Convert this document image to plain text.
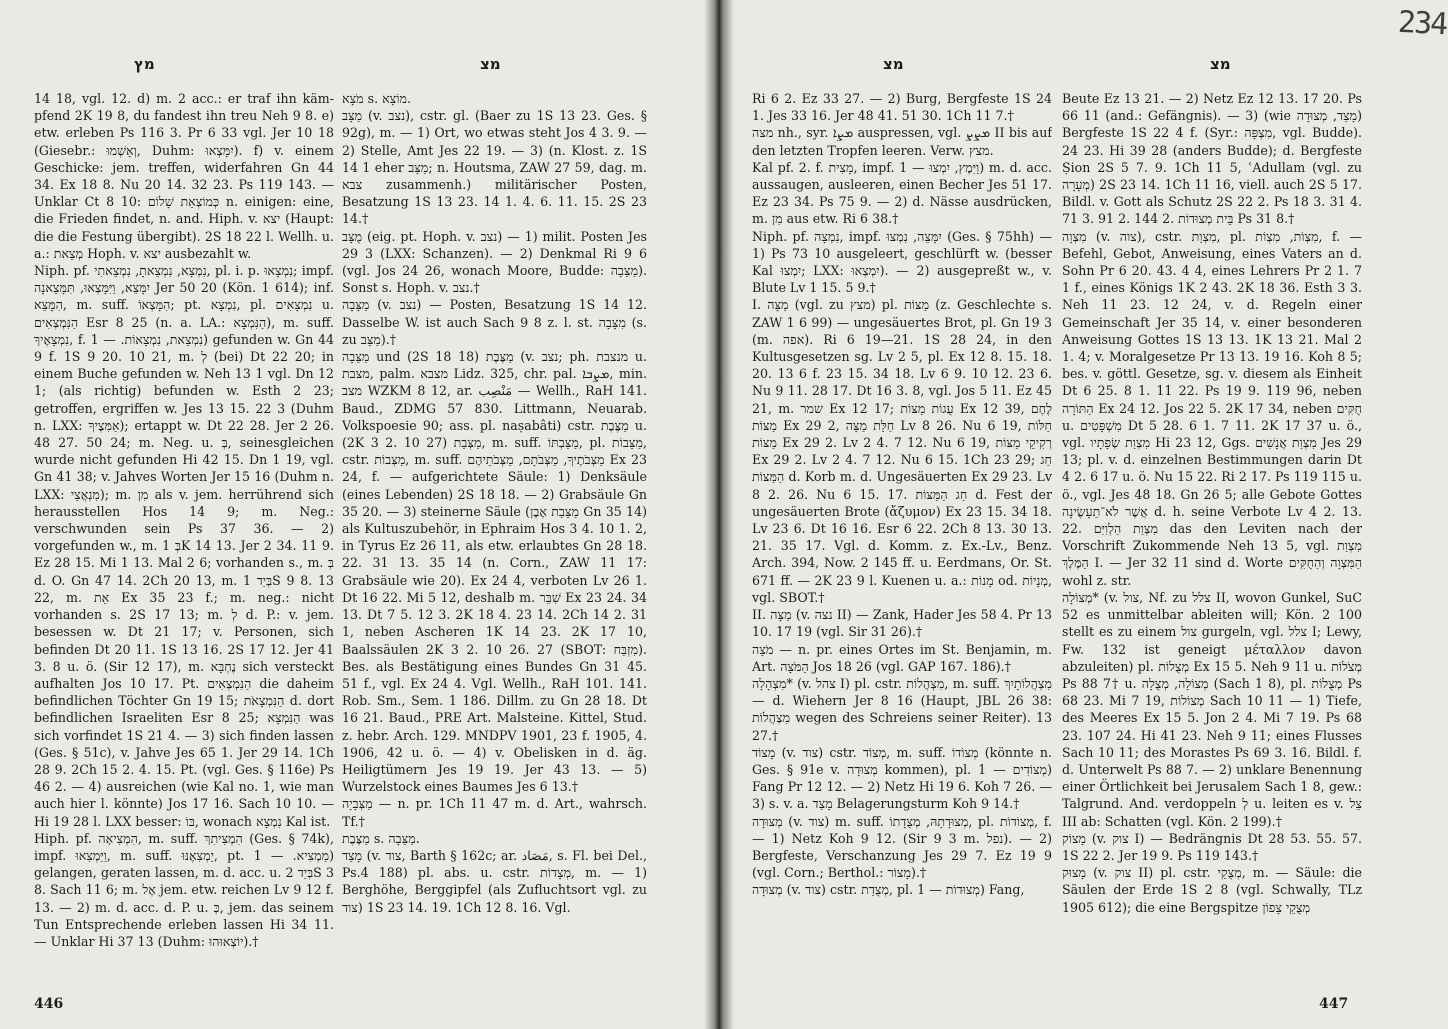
מץ	מצ

14 18, vgl. 12. d) m. 2 acc.: er traf ihn käm-pfend 2K 19 8, du fandest ihn treu Neh 9 8. e) etw. erleben Ps 116 3. Pr 6 33 vgl. Jer 10 18 (Giesebr.: וְאָשְׁמוּ, Duhm: יִמָּצְאוּ). f) v. einem Geschicke: jem. treffen, widerfahren Gn 44 34. Ex 18 8. Nu 20 14. 32 23. Ps 119 143. — Unklar Ct 8 10: כְּמוֹצְאֵת שָׁלוֹם n. einigen: eine, die Frieden findet, n. and. Hiph. v. יצא (Haupt: die die Festung übergibt). 2S 18 22 l. Wellh. u. a.: מְצֵאת Hoph. v. יצא ausbezahlt w.

Niph. pf. נִמְצָא, נִמְצֵאתָ, נִמְצֵאתִי, pl. i. p. נִמְצָאוּ; impf. יִמָּצֵא, וַיִּמָּצְאוּ, תִּמָּצֵאנָה Jer 50 20 (Kön. 1 614); inf. הִמָּצֵא, m. suff. הִמָּצְאוֹ; pt. נִמְצָא, pl. נִמְצָאִים u. הַנִּמְצְאִים Esr 8 25 (n. a. LA.: הַנִּמְצָא), m. suff. נִמְצָאֶיךָ, f. נִמְצֵאת, נִמְצָאוֹת. — 1) gefunden w. Gn 44 9 f. 1S 9 20. 10 21, m. לְ (bei) Dt 22 20; in einem Buche gefunden w. Neh 13 1 vgl. Dn 12 1; (als richtig) befunden w. Esth 2 23; getroffen, ergriffen w. Jes 13 15. 22 3 (Duhm n. LXX: אַמִּצֶיךָ); ertappt w. Dt 22 28. Jer 2 26. 48 27. 50 24; m. Neg. u. בְּ, seinesgleichen wurde nicht gefunden Hi 42 15. Dn 1 19, vgl. Gn 41 38; v. Jahves Worten Jer 15 16 (Duhm n. LXX: מִנְאֲצַי); m. מִן als v. jem. herrührend sich herausstellen Hos 14 9; m. Neg.: verschwunden sein Ps 37 36. — 2) vorgefunden w., m. בְּ 1K 14 13. Jer 2 34. 11 9. Ez 28 15. Mi 1 13. Mal 2 6; vorhanden s., m. בְּ d. O. Gn 47 14. 2Ch 20 13, m. בְּיַד 1S 9 8. 13 22, m. אֵת Ex 35 23 f.; m. neg.: nicht vorhanden s. 2S 17 13; m. לְ d. P.: v. jem. besessen w. Dt 21 17; v. Personen, sich befinden Dt 20 11. 1S 13 16. 2S 17 12. Jer 41 3. 8 u. ö. (Sir 12 17), m. נֶחְבָּא sich versteckt aufhalten Jos 10 17. Pt. הַנִּמְצְאִים die daheim befindlichen Töchter Gn 19 15; הַנִּמְצָאֹת d. dort befindlichen Israeliten Esr 8 25; הַנִּמְצָא was sich vorfindet 1S 21 4. — 3) sich finden lassen (Ges. § 51c), v. Jahve Jes 65 1. Jer 29 14. 1Ch 28 9. 2Ch 15 2. 4. 15. Pt. (vgl. Ges. § 116e) Ps 46 2. — 4) ausreichen (wie Kal no. 1, wie man auch hier l. könnte) Jos 17 16. Sach 10 10. — Hi 19 28 l. LXX besser: בּוֹ, wonach נִמְצָא Kal ist.

Hiph. pf. הִמְצִיאָה, m. suff. הִמְצִיתִךְ (Ges. § 74k), impf. וַיַּמְצִאוּ, m. suff. יַמְצִאֶנּוּ, pt. מַמְצִיא. — 1) gelangen, geraten lassen, m. d. acc. u. בְּיַד 2S 3 8. Sach 11 6; m. אֶל jem. etw. reichen Lv 9 12 f. 13. — 2) m. d. acc. d. P. u. כְּ, jem. das seinem Tun Entsprechende erleben lassen Hi 34 11. — Unklar Hi 37 13 (Duhm: יוֹצְאוּהוּ).†

מֹצָא s. מוֹצָא.

מַצָּב (v. נצב), cstr. gl. (Baer zu 1S 13 23. Ges. § 92g), m. — 1) Ort, wo etwas steht Jos 4 3. 9. — 2) Stelle, Amt Jes 22 19. — 3) (n. Klost. z. 1S 14 1 eher מַצָּב; n. Houtsma, ZAW 27 59, dag. m. צבא zusammenh.) militärischer Posten, Besatzung 1S 13 23. 14 1. 4. 6. 11. 15. 2S 23 14.†

מֻצָּב (eig. pt. Hoph. v. נצב) — 1) milit. Posten Jes 29 3 (LXX: Schanzen). — 2) Denkmal Ri 9 6 (vgl. Jos 24 26, wonach Moore, Budde: מַצֵּבָה). Sonst s. Hoph. v. נצב.†

מַצָּבָה (v. נצב) — Posten, Besatzung 1S 14 12. Dasselbe W. ist auch Sach 9 8 z. l. st. מִצָּבָה (s. zu מַצָּב).†

מַצֵּבָה und (2S 18 18) מַצֶּבֶת (v. נצב; ph. מנצבת u. מצבת, palm. מצבא Lidz. 325, chr. pal. ܡܨܒܐ, min. מצב WZKM 8 12, ar. مَنْصِب — Wellh., RaH 141. Baud., ZDMG 57 830. Littmann, Neuarab. Volkspoesie 90; ass. pl. naṣabâti) cstr. מַצֶּבֶת u. (2K 3 2. 10 27) מַצְּבַת, m. suff. מַצַּבְתּוֹ, pl. מַצֵּבוֹת, cstr. מַצְּבוֹת, m. suff. מַצְּבֹתֶיךָ, מַצְּבֹתָם, מַצְּבֹתֵיהֶם Ex 23 24, f. — aufgerichtete Säule: 1) Denksäule (eines Lebenden) 2S 18 18. — 2) Grabsäule Gn 35 20. — 3) steinerne Säule (מַצֵּבַת אֶבֶן Gn 35 14) als Kultuszubehör, in Ephraim Hos 3 4. 10 1. 2, in Tyrus Ez 26 11, als etw. erlaubtes Gn 28 18. 22. 31 13. 35 14 (n. Corn., ZAW 11 17: Grabsäule wie 20). Ex 24 4, verboten Lv 26 1. Dt 16 22. Mi 5 12, deshalb m. שִׁבֵּר Ex 23 24. 34 13. Dt 7 5. 12 3. 2K 18 4. 23 14. 2Ch 14 2. 31 1, neben Ascheren 1K 14 23. 2K 17 10, Baalssäulen 2K 3 2. 10 26. 27 (SBOT: מִזְבַּח). Bes. als Bestätigung eines Bundes Gn 31 45. 51 f., vgl. Ex 24 4. Vgl. Wellh., RaH 101. 141. Rob. Sm., Sem. 1 186. Dillm. zu Gn 28 18. Dt 16 21. Baud., PRE Art. Malsteine. Kittel, Stud. z. hebr. Arch. 129. MNDPV 1901, 23 f. 1905, 4. 1906, 42 u. ö. — 4) v. Obelisken in d. äg. Heiligtümern Jes 19 19. Jer 43 13. — 5) Wurzelstock eines Baumes Jes 6 13.†

מַצְּבָיָה — n. pr. 1Ch 11 47 m. d. Art., wahrsch. Tf.†

מַצֶּבֶת s. מַצֵּבָה.

מָצַד (v. צוד, Barth § 162c; ar. مَصَاد, s. Fl. bei Del., Ps.4 188) pl. abs. u. cstr. מְצָדוֹת, m. — 1) Berghöhe, Berggipfel (als Zufluchtsort vgl. zu צוד) 1S 23 14. 19. 1Ch 12 8. 16. Vgl.

446
מצ	מצ

Ri 6 2. Ez 33 27. — 2) Burg, Bergfeste 1S 24 1. Jes 33 16. Jer 48 41. 51 30. 1Ch 11 7.†

מצה nh., syr. ܡܨܐ auspressen, vgl. ܡܨܨ II bis auf den letzten Tropfen leeren. Verw. מצץ.

Kal pf. 2. f. מָצִית, impf. וַיִּמֶץ, יִמְצוּ — 1) m. d. acc. aussaugen, ausleeren, einen Becher Jes 51 17. Ez 23 34. Ps 75 9. — 2) d. Nässe ausdrücken, m. מִן aus etw. Ri 6 38.†

Niph. pf. נִמְצָה, impf. יִמָּצֵה, נִמְצוּ (Ges. § 75hh) — 1) Ps 73 10 ausgeleert, geschlürft w. (besser Kal יִמְצוּ; LXX: יִמְצְאוּ). — 2) ausgepreßt w., v. Blute Lv 1 15. 5 9.†

I. מַצָּה (vgl. zu מצץ) pl. מַצּוֹת (z. Geschlechte s. ZAW 1 6 99) — ungesäuertes Brot, pl. Gn 19 3 (m. אפה). Ri 6 19—21. 1S 28 24, in den Kultusgesetzen sg. Lv 2 5, pl. Ex 12 8. 15. 18. 20. 13 6 f. 23 15. 34 18. Lv 6 9. 10 12. 23 6. Nu 9 11. 28 17. Dt 16 3. 8, vgl. Jos 5 11. Ez 45 21, m. שמר Ex 12 17; עֻגוֹת מַצּוֹת Ex 12 39, לֶחֶם מַצּוֹת Ex 29 2, חַלַּת מַצָּה Lv 8 26. Nu 6 19, חַלּוֹת מַצּוֹת Ex 29 2. Lv 2 4. 7 12. Nu 6 19, רְקִיקֵי מַצּוֹת Ex 29 2. Lv 2 4. 7 12. Nu 6 15. 1Ch 23 29; חַג הַמַּצּוֹת d. Korb m. d. Ungesäuerten Ex 29 23. Lv 8 2. 26. Nu 6 15. 17. חַג הַמַּצּוֹת d. Fest der ungesäuerten Brote (ἄζυμον) Ex 23 15. 34 18. Lv 23 6. Dt 16 16. Esr 6 22. 2Ch 8 13. 30 13. 21. 35 17. Vgl. d. Komm. z. Ex.-Lv., Benz. Arch. 394, Now. 2 145 ff. u. Eerdmans, Or. St. 671 ff. — 2K 23 9 l. Kuenen u. a.: מָנוֹת od. מְנָיוֹת, vgl. SBOT.†

II. מַצָּה (v. נצה II) — Zank, Hader Jes 58 4. Pr 13 10. 17 19 (vgl. Sir 31 26).†

מֹצָה — n. pr. eines Ortes im St. Benjamin, m. Art. הַמֹּצָה Jos 18 26 (vgl. GAP 167. 186).†

מִצְהָלָה* (v. צהל I) pl. cstr. מִצְהֲלוֹת, m. suff. מִצְהֲלוֹתָיִךְ — d. Wiehern Jer 8 16 (Haupt, JBL 26 38: מִצְהֲלוֹת wegen des Schreiens seiner Reiter). 13 27.†

מָצוֹד (v. צוד) cstr. מְצוֹד, m. suff. מְצוֹדוֹ (könnte n. Ges. § 91e v. מְצוּדָה kommen), pl. מְצוֹדִים — 1) Fang Pr 12 12. — 2) Netz Hi 19 6. Koh 7 26. — 3) s. v. a. מָצַד Belagerungsturm Koh 9 14.†

מְצוּדָה (v. צוד) m. suff. מְצוּדָתָהּ, מְצֻדָתוֹ, pl. מְצוֹדוֹת, f. — 1) Netz Koh 9 12. (Sir 9 3 m. נפל). — 2) Bergfeste, Verschanzung Jes 29 7. Ez 19 9 (vgl. Corn.; Berthol.: מָצוֹר).†

מְצוּדָה (v. צוד) cstr. מְצֻדַת, pl. מְצוּדוֹת — 1) Fang,

Beute Ez 13 21. — 2) Netz Ez 12 13. 17 20. Ps 66 11 (and.: Gefängnis). — 3) (wie מָצַד, מְצוּדָה) Bergfeste 1S 22 4 f. (Syr.: מִצְפָּה, vgl. Budde). 24 23. Hi 39 28 (anders Budde); d. Bergfeste Ṣion 2S 5 7. 9. 1Ch 11 5, ʿAdullam (vgl. zu מְעָרָה) 2S 23 14. 1Ch 11 16, viell. auch 2S 5 17. Bildl. v. Gott als Schutz 2S 22 2. Ps 18 3. 31 4. 71 3. 91 2. 144 2. בֵּית מְצוּדוֹת Ps 31 8.†

מִצְוָה (v. צוה), cstr. מִצְוַת, pl. מִצְוֹת, מִצְוֹת, f. — Befehl, Gebot, Anweisung, eines Vaters an d. Sohn Pr 6 20. 43. 4 4, eines Lehrers Pr 2 1. 7 1 f., eines Königs 1K 2 43. 2K 18 36. Esth 3 3. Neh 11 23. 12 24, v. d. Regeln einer Gemeinschaft Jer 35 14, v. einer besonderen Anweisung Gottes 1S 13 13. 1K 13 21. Mal 2 1. 4; v. Moralgesetze Pr 13 13. 19 16. Koh 8 5; bes. v. göttl. Gesetze, sg. v. diesem als Einheit Dt 6 25. 8 1. 11 22. Ps 19 9. 119 96, neben הַתּוֹרָה Ex 24 12. Jos 22 5. 2K 17 34, neben חֻקִּים u. מִשְׁפָּטִים Dt 5 28. 6 1. 7 11. 2K 17 37 u. ö., vgl. מִצְוַת שְׂפָתָיו Hi 23 12, Ggs. מִצְוַת אֲנָשִׁים Jes 29 13; pl. v. d. einzelnen Bestimmungen darin Dt 4 2. 6 17 u. ö. Nu 15 22. Ri 2 17. Ps 119 115 u. ö., vgl. Jes 48 18. Gn 26 5; alle Gebote Gottes אֲשֶׁר לֹא־תֵעָשֶׂינָה d. h. seine Verbote Lv 4 2. 13. 22. מִצְוַת הַלְוִיִּם das den Leviten nach der Vorschrift Zukommende Neh 13 5, vgl. מִצְוַת הַמֶּלֶךְ I. — Jer 32 11 sind d. Worte הַמִּצְוָה וְהַחֻקִּים wohl z. str.

מְצוֹלָה* (v. צול, Nf. zu צלל II, wovon Gunkel, SuC 52 es unmittelbar ableiten will; Kön. 2 100 stellt es zu einem צול gurgeln, vgl. צלל I; Lewy, Fw. 132 ist geneigt μέταλλον davon abzuleiten) pl. מְצֻלוֹת Ex 15 5. Neh 9 11 u. מְצֹלוֹת Ps 88 7† u. מְצוֹלָה, מְצֻלָה (Sach 1 8), pl. מְצֻלוֹת Ps 68 23. Mi 7 19, מְצוֹלוֹת Sach 10 11 — 1) Tiefe, des Meeres Ex 15 5. Jon 2 4. Mi 7 19. Ps 68 23. 107 24. Hi 41 23. Neh 9 11; eines Flusses Sach 10 11; des Morastes Ps 69 3. 16. Bildl. f. d. Unterwelt Ps 88 7. — 2) unklare Benennung einer Örtlichkeit bei Jerusalem Sach 1 8, gew.: Talgrund. And. verdoppeln לְ u. leiten es v. צֵל III ab: Schatten (vgl. Kön. 2 199).†

מָצוֹק (v. צוק I) — Bedrängnis Dt 28 53. 55. 57. 1S 22 2. Jer 19 9. Ps 119 143.†

מָצוּק (v. צוק II) pl. cstr. מְצֻקֵי, m. — Säule: die Säulen der Erde 1S 2 8 (vgl. Schwally, TLz 1905 612); die eine Bergspitze מְצֻקֵי צָפוֹן

447
234
